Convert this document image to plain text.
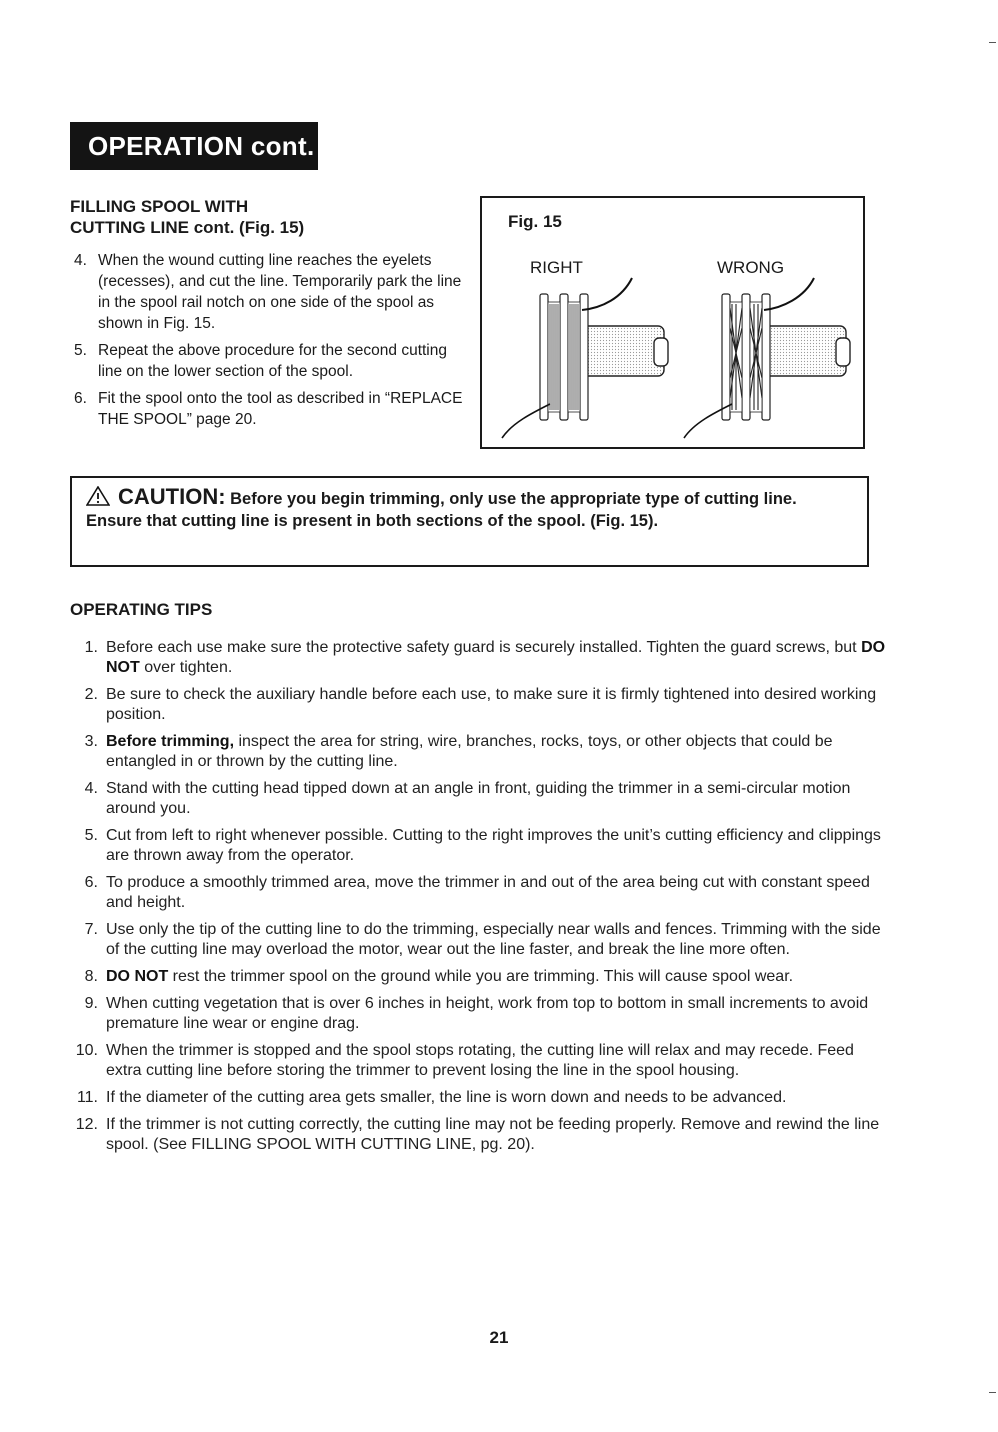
OPERATION cont.
FILLING SPOOL WITH
CUTTING LINE cont. (Fig. 15)
4. When the wound cutting line reaches the eyelets (recesses), and cut the line. Temporarily park the line in the spool rail notch on one side of the spool as shown in Fig. 15.
5. Repeat the above procedure for the second cutting line on the lower section of the spool.
6. Fit the spool onto the tool as described in “REPLACE THE SPOOL” page 20.
Fig. 15
RIGHT	WRONG
CAUTION: Before you begin trimming, only use the appropriate type of cutting line. Ensure that cutting line is present in both sections of the spool. (Fig. 15).
OPERATING TIPS
1. Before each use make sure the protective safety guard is securely installed. Tighten the guard screws, but DO NOT over tighten.
2. Be sure to check the auxiliary handle before each use, to make sure it is firmly tightened into desired working position.
3. Before trimming, inspect the area for string, wire, branches, rocks, toys, or other objects that could be entangled in or thrown by the cutting line.
4. Stand with the cutting head tipped down at an angle in front, guiding the trimmer in a semi-circular motion around you.
5. Cut from left to right whenever possible. Cutting to the right improves the unit’s cutting efficiency and clippings are thrown away from the operator.
6. To produce a smoothly trimmed area, move the trimmer in and out of the area being cut with constant speed and height.
7. Use only the tip of the cutting line to do the trimming, especially near walls and fences. Trimming with the side of the cutting line may overload the motor, wear out the line faster, and break the line more often.
8. DO NOT rest the trimmer spool on the ground while you are trimming. This will cause spool wear.
9. When cutting vegetation that is over 6 inches in height, work from top to bottom in small increments to avoid premature line wear or engine drag.
10. When the trimmer is stopped and the spool stops rotating, the cutting line will relax and may recede. Feed extra cutting line before storing the trimmer to prevent losing the line in the spool housing.
11. If the diameter of the cutting area gets smaller, the line is worn down and needs to be advanced.
12. If the trimmer is not cutting correctly, the cutting line may not be feeding properly. Remove and rewind the line spool. (See FILLING SPOOL WITH CUTTING LINE, pg. 20).
21
